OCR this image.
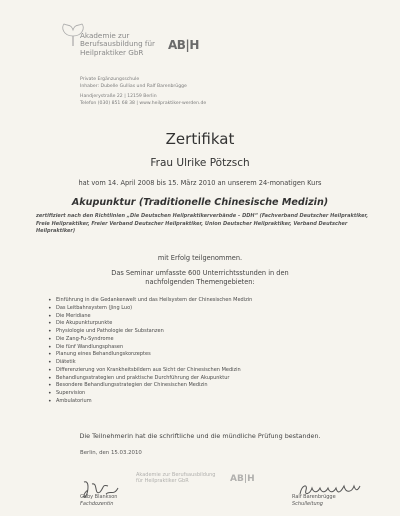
Akademie zur
Berufsausbildung für
Heilpraktiker GbR
AB|H
Private Ergänzungsschule
Inhaber: Dubelle Gullias und Ralf Barenbrügge
Handjerystraße 22 | 12159 Berlin
Telefon (030) 851 68 38 | www.heilpraktiker-werden.de
Zertifikat
Frau Ulrike Pötzsch
hat vom 14. April 2008 bis 15. März 2010 an unserem 24-monatigen Kurs
Akupunktur (Traditionelle Chinesische Medizin)
zertifiziert nach den Richtlinien „Die Deutschen Heilpraktikerverbände – DDH“ (Fachverband Deutscher Heilpraktiker, Freie Heilpraktiker, Freier Verband Deutscher Heilpraktiker, Union Deutscher Heilpraktiker, Verband Deutscher Heilpraktiker)
mit Erfolg teilgenommen.
Das Seminar umfasste 600 Unterrichtsstunden in den
nachfolgenden Themengebieten:
• Einführung in die Gedankenwelt und das Heilsystem der Chinesischen Medizin
• Das Leitbahnsystem (Jing Luo)
• Die Meridiane
• Die Akupunkturpunkte
• Physiologie und Pathologie der Substanzen
• Die Zang-Fu-Syndrome
• Die fünf Wandlungsphasen
• Planung eines Behandlungskonzeptes
• Diätetik
• Differenzierung von Krankheitsbildern aus Sicht der Chinesischen Medizin
• Behandlungsstrategien und praktische Durchführung der Akupunktur
• Besondere Behandlungsstrategien der Chinesischen Medizin
• Supervision
• Ambulatorium
Die Teilnehmerin hat die schriftliche und die mündliche Prüfung bestanden.
Berlin, den 15.03.2010
Akademie zur Berufsausbildung
für Heilpraktiker GbR	AB|H
Gaby Blankson
Fachdozentin
Ralf Barenbrügge
Schulleitung
